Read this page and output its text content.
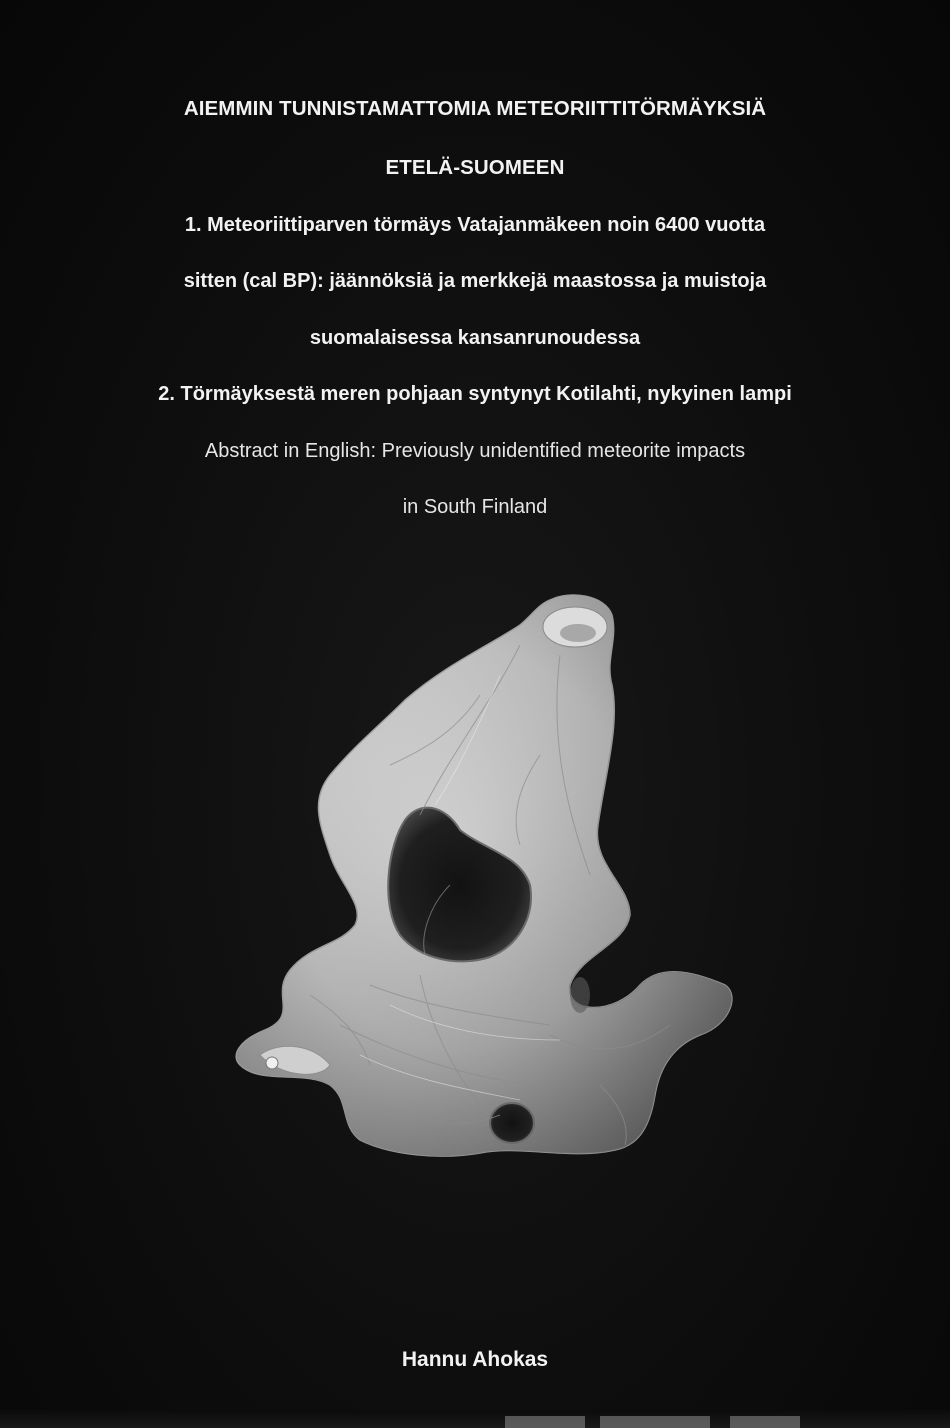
AIEMMIN TUNNISTAMATTOMIA METEORIITTITÖRMÄYKSIÄ
ETELÄ-SUOMEEN
1. Meteoriittiparven törmäys Vatajanmäkeen noin 6400 vuotta
sitten (cal BP): jäännöksiä ja merkkejä maastossa ja muistoja
suomalaisessa kansanrunoudessa
2. Törmäyksestä meren pohjaan syntynyt Kotilahti, nykyinen lampi
Abstract in English: Previously unidentified meteorite impacts
in South Finland
Hannu Ahokas
